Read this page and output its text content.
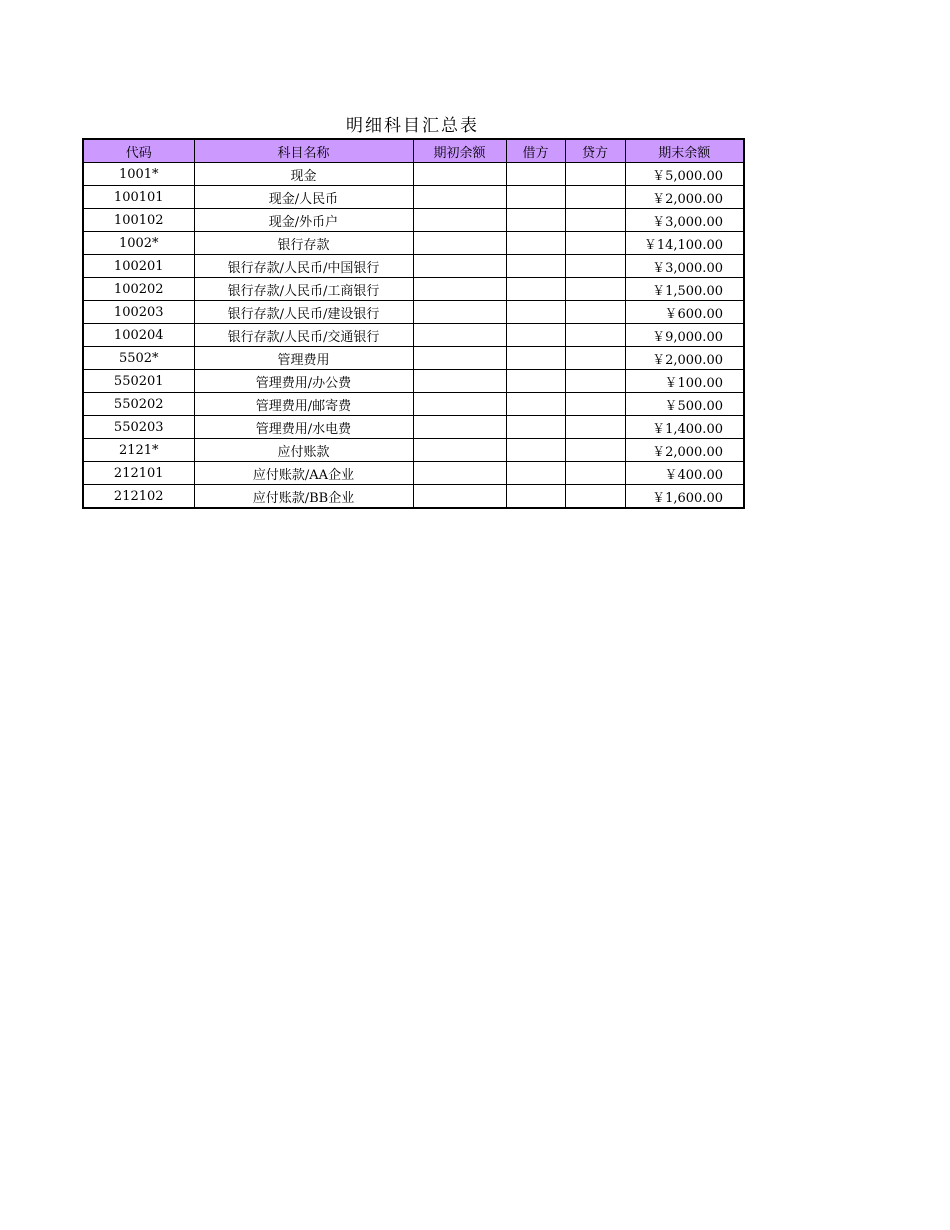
明细科目汇总表
代码	科目名称	期初余额	借方	贷方	期末余额
1001*	现金				￥5,000.00
100101	现金/人民币				￥2,000.00
100102	现金/外币户				￥3,000.00
1002*	银行存款				￥14,100.00
100201	银行存款/人民币/中国银行				￥3,000.00
100202	银行存款/人民币/工商银行				￥1,500.00
100203	银行存款/人民币/建设银行				￥600.00
100204	银行存款/人民币/交通银行				￥9,000.00
5502*	管理费用				￥2,000.00
550201	管理费用/办公费				￥100.00
550202	管理费用/邮寄费				￥500.00
550203	管理费用/水电费				￥1,400.00
2121*	应付账款				￥2,000.00
212101	应付账款/AA企业				￥400.00
212102	应付账款/BB企业				￥1,600.00
